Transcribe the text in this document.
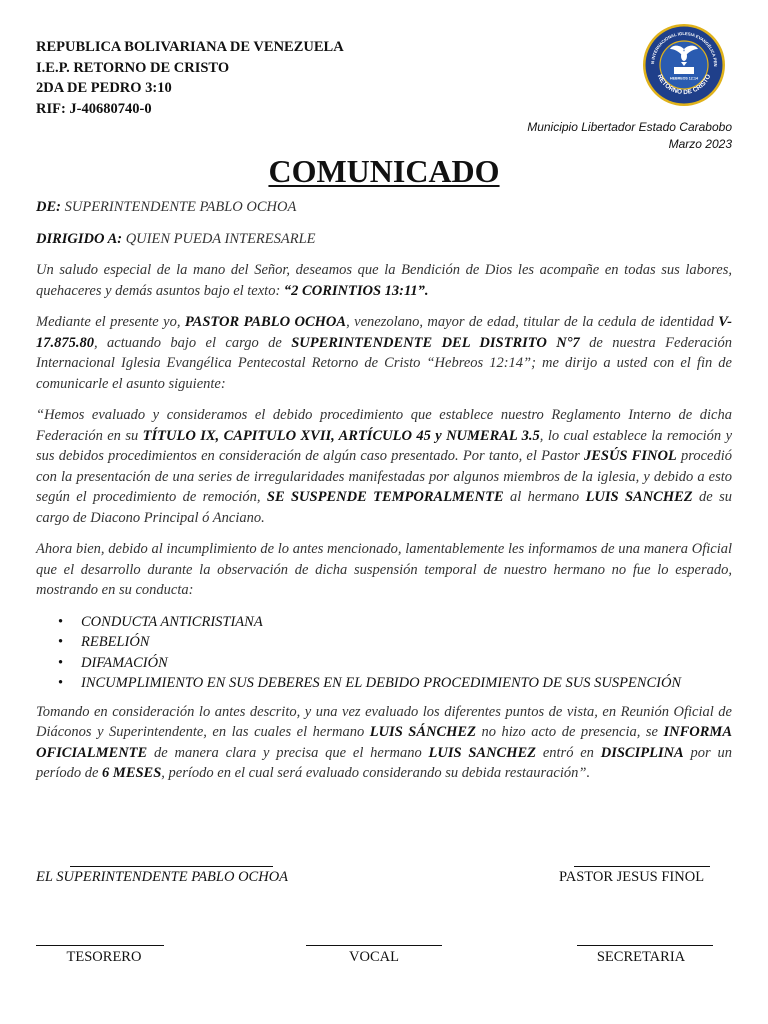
REPUBLICA BOLIVARIANA DE VENEZUELA
I.E.P. RETORNO DE CRISTO
2DA DE PEDRO 3:10
RIF: J-40680740-0
N INTERNACIONAL IGLESIA EVANGÉLICA PEN
RETORNO DE CRISTO
HEBREOS 12:14
Municipio Libertador Estado Carabobo
Marzo 2023
COMUNICADO

DE: SUPERINTENDENTE PABLO OCHOA

DIRIGIDO A: QUIEN PUEDA INTERESARLE

Un saludo especial de la mano del Señor, deseamos que la Bendición de Dios les acompañe en todas sus labores, quehaceres y demás asuntos bajo el texto: “2 CORINTIOS 13:11”.

Mediante el presente yo, PASTOR PABLO OCHOA, venezolano, mayor de edad, titular de la cedula de identidad V-17.875.80, actuando bajo el cargo de SUPERINTENDENTE DEL DISTRITO N°7 de nuestra Federación Internacional Iglesia Evangélica Pentecostal Retorno de Cristo “Hebreos 12:14”; me dirijo a usted con el fin de comunicarle el asunto siguiente:

“Hemos evaluado y consideramos el debido procedimiento que establece nuestro Reglamento Interno de dicha Federación en su TÍTULO IX, CAPITULO XVII, ARTÍCULO 45 y NUMERAL 3.5, lo cual establece la remoción y sus debidos procedimientos en consideración de algún caso presentado. Por tanto, el Pastor JESÚS FINOL procedió con la presentación de una series de irregularidades manifestadas por algunos miembros de la iglesia, y debido a esto según el procedimiento de remoción, SE SUSPENDE TEMPORALMENTE al hermano LUIS SANCHEZ de su cargo de Diacono Principal ó Anciano.

Ahora bien, debido al incumplimiento de lo antes mencionado, lamentablemente les informamos de una manera Oficial que el desarrollo durante la observación de dicha suspensión temporal de nuestro hermano no fue lo esperado, mostrando en su conducta:

• CONDUCTA ANTICRISTIANA
• REBELIÓN
• DIFAMACIÓN
• INCUMPLIMIENTO EN SUS DEBERES EN EL DEBIDO PROCEDIMIENTO DE SUS SUSPENCIÓN

Tomando en consideración lo antes descrito, y una vez evaluado los diferentes puntos de vista, en Reunión Oficial de Diáconos y Superintendente, en las cuales el hermano LUIS SÁNCHEZ no hizo acto de presencia, se INFORMA OFICIALMENTE de manera clara y precisa que el hermano LUIS SANCHEZ entró en DISCIPLINA por un período de 6 MESES, período en el cual será evaluado considerando su debida restauración”.

EL SUPERINTENDENTE PABLO OCHOA	PASTOR JESUS FINOL
TESORERO	VOCAL	SECRETARIA
